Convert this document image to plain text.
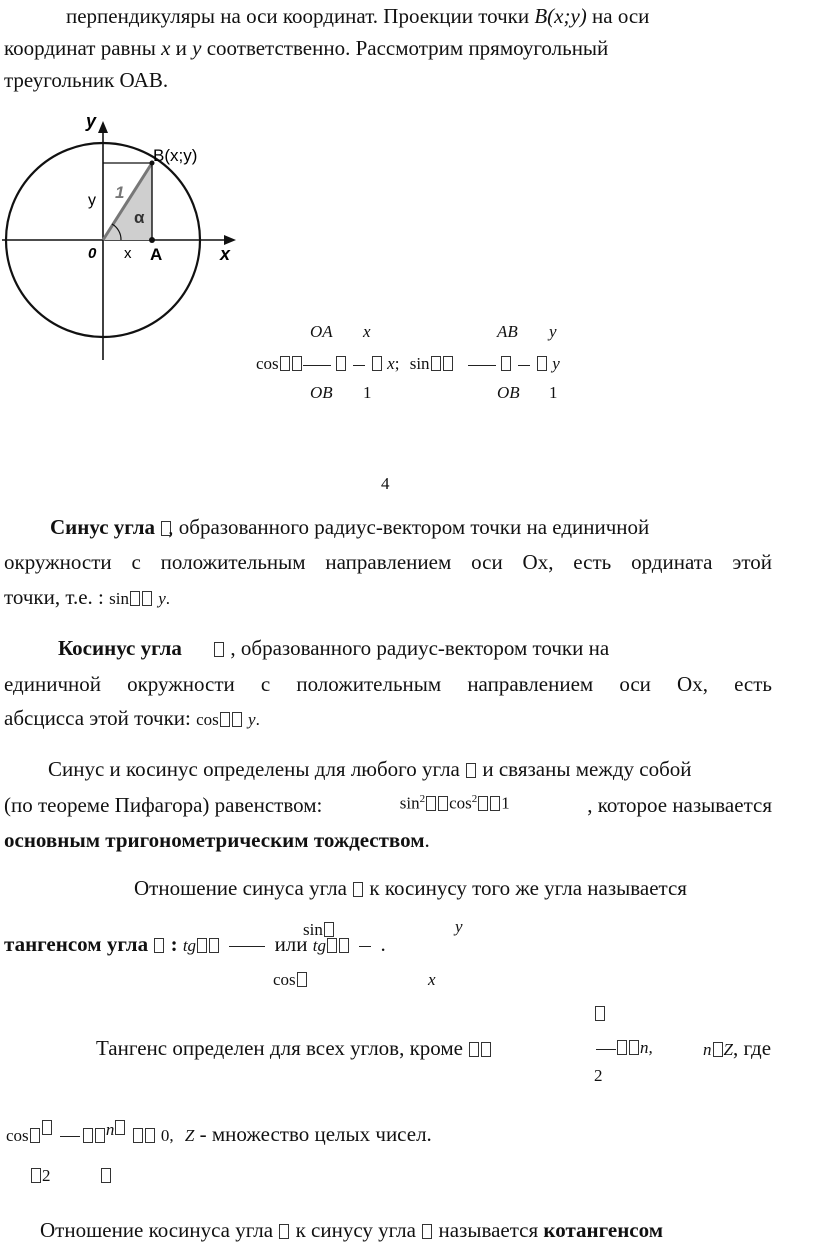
перпендикуляры на оси координат. Проекции точки B(x;y) на оси
координат равны x и y соответственно. Рассмотрим прямоугольный
треугольник ОАВ.
y
x
B(x;y)
A
0
1
α
y
x
OA x	AB y
cos	x; sin	y
OB 1	OB 1
4
Синус угла , образованного радиус-вектором точки на единичной
окружности с положительным направлением оси Ох, есть ордината этой
точки, т.е. : sin y.
Косинус угла , образованного радиус-вектором точки на
единичной окружности с положительным направлением оси Ох, есть
абсцисса этой точки: cos y.
Синус и косинус определены для любого угла и связаны между собой
(по теореме Пифагора) равенством:	$\sin^2 \cos^2 1$	, которое называется
основным тригонометрическим тождеством.
Отношение синуса угла к косинусу того же угла называется
sin	y
тангенсом угла : tg	или tg	.
cos	x
Тангенс определен для всех углов, кроме	n,	n Z, где
2
cos	$^n$	0, Z - множество целых чисел.
2
Отношение косинуса угла к синусу угла называется котангенсом
